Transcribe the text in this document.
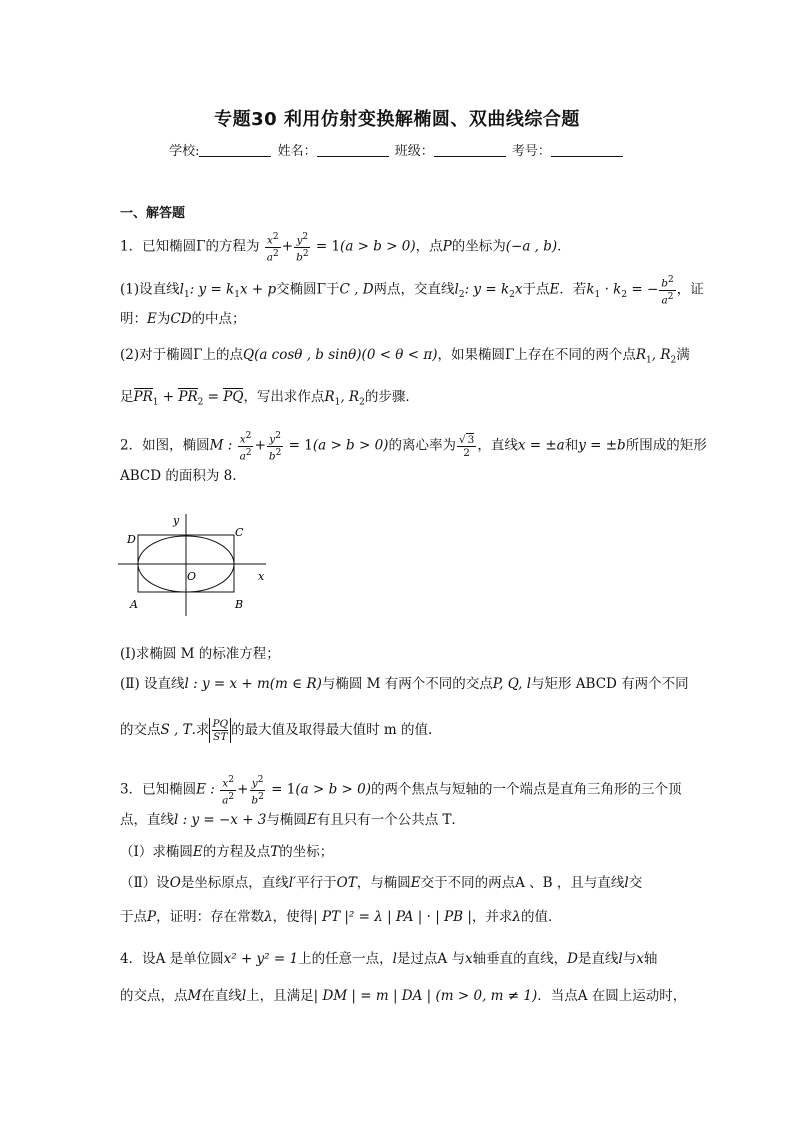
专题30 利用仿射变换解椭圆、双曲线综合题
学校:	姓名：	班级：	考号：
一、解答题
1．已知椭圆Γ的方程为 $\frac{x^2}{a^2} + \frac{y^2}{b^2} = 1(a > b > 0)$，点P的坐标为(−a , b)．
(1)设直线$l_1$: $y = k_1x + p$交椭圆Γ于C , D两点，交直线$l_2$: $y = k_2x$于点E．若$k_1 \cdot k_2$ = − $\frac{b^2}{a^2}$ ，证
明：E为CD的中点；
(2)对于椭圆Γ上的点Q(a cosθ , b sinθ)(0 < θ < π)，如果椭圆Γ上存在不同的两个点$R_1$, $R_2$满
足$PR_1 + PR_2$ = PQ，写出求作点$R_1$, $R_2$的步骤．
2．如图，椭圆M : $\frac{x^2}{a^2} + \frac{y^2}{b^2} = 1(a > b > 0)$的离心率为 $\frac{√ 3}{2}$ ，直线x = ±a和y = ±b所围成的矩形
ABCD 的面积为 8.
y
x
O
D
C
A	B
(Ⅰ)求椭圆 M 的标准方程；
(Ⅱ) 设直线l : y = x + m(m ∈ R)与椭圆 M 有两个不同的交点P, Q, l与矩形 ABCD 有两个不同
的交点S , T.求 $\frac{PQ}{ST}$ 的最大值及取得最大值时 m 的值.
3．已知椭圆E : $\frac{x^2}{a^2} + \frac{y^2}{b^2} = 1(a > b > 0)$的两个焦点与短轴的一个端点是直角三角形的三个顶
点，直线l : y = −x + 3与椭圆E有且只有一个公共点 T．
（Ⅰ）求椭圆E的方程及点T的坐标；
（Ⅱ）设O是坐标原点，直线l′平行于OT，与椭圆E交于不同的两点A 、B ，且与直线l交
于点P，证明：存在常数λ，使得| PT |² = λ | PA | · | PB |，并求λ的值．
4．设A 是单位圆x² + y² = 1上的任意一点，l是过点A 与x轴垂直的直线，D是直线l与x轴
的交点，点M在直线l上，且满足| DM | = m | DA | (m > 0, m ≠ 1)．当点A 在圆上运动时，
